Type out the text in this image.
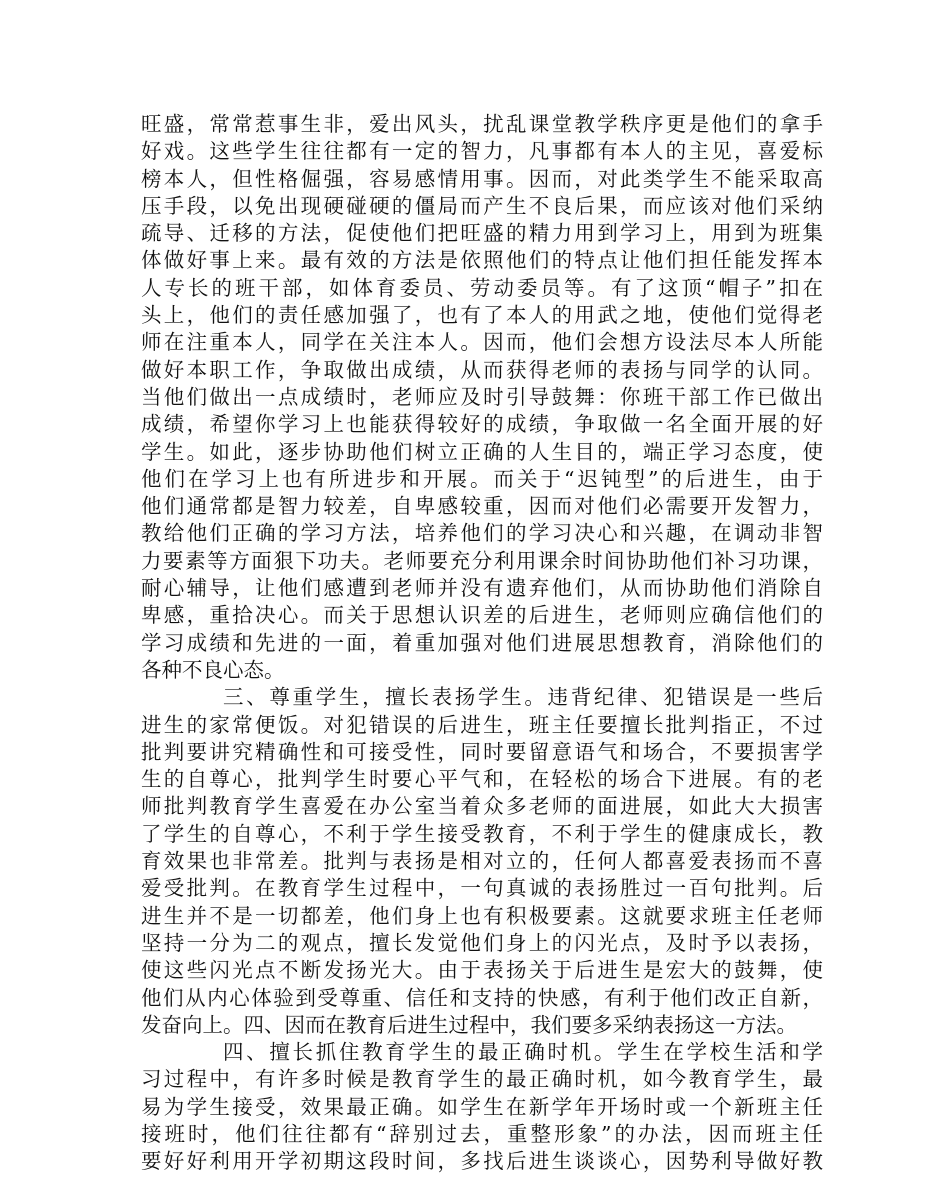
旺盛，常常惹事生非，爱出风头，扰乱课堂教学秩序更是他们的拿手
好戏。这些学生往往都有一定的智力，凡事都有本人的主见，喜爱标
榜本人，但性格倔强，容易感情用事。因而，对此类学生不能采取高
压手段，以免出现硬碰硬的僵局而产生不良后果，而应该对他们采纳
疏导、迁移的方法，促使他们把旺盛的精力用到学习上，用到为班集
体做好事上来。最有效的方法是依照他们的特点让他们担任能发挥本
人专长的班干部，如体育委员、劳动委员等。有了这顶“帽子”扣在
头上，他们的责任感加强了，也有了本人的用武之地，使他们觉得老
师在注重本人，同学在关注本人。因而，他们会想方设法尽本人所能
做好本职工作，争取做出成绩，从而获得老师的表扬与同学的认同。
当他们做出一点成绩时，老师应及时引导鼓舞：你班干部工作已做出
成绩，希望你学习上也能获得较好的成绩，争取做一名全面开展的好
学生。如此，逐步协助他们树立正确的人生目的，端正学习态度，使
他们在学习上也有所进步和开展。而关于“迟钝型”的后进生，由于
他们通常都是智力较差，自卑感较重，因而对他们必需要开发智力，
教给他们正确的学习方法，培养他们的学习决心和兴趣，在调动非智
力要素等方面狠下功夫。老师要充分利用课余时间协助他们补习功课，
耐心辅导，让他们感遭到老师并没有遗弃他们，从而协助他们消除自
卑感，重拾决心。而关于思想认识差的后进生，老师则应确信他们的
学习成绩和先进的一面，着重加强对他们进展思想教育，消除他们的
各种不良心态。
三、尊重学生，擅长表扬学生。违背纪律、犯错误是一些后
进生的家常便饭。对犯错误的后进生，班主任要擅长批判指正，不过
批判要讲究精确性和可接受性，同时要留意语气和场合，不要损害学
生的自尊心，批判学生时要心平气和，在轻松的场合下进展。有的老
师批判教育学生喜爱在办公室当着众多老师的面进展，如此大大损害
了学生的自尊心，不利于学生接受教育，不利于学生的健康成长，教
育效果也非常差。批判与表扬是相对立的，任何人都喜爱表扬而不喜
爱受批判。在教育学生过程中，一句真诚的表扬胜过一百句批判。后
进生并不是一切都差，他们身上也有积极要素。这就要求班主任老师
坚持一分为二的观点，擅长发觉他们身上的闪光点，及时予以表扬，
使这些闪光点不断发扬光大。由于表扬关于后进生是宏大的鼓舞，使
他们从内心体验到受尊重、信任和支持的快感，有利于他们改正自新，
发奋向上。四、因而在教育后进生过程中，我们要多采纳表扬这一方法。
四、擅长抓住教育学生的最正确时机。学生在学校生活和学
习过程中，有许多时候是教育学生的最正确时机，如今教育学生，最
易为学生接受，效果最正确。如学生在新学年开场时或一个新班主任
接班时，他们往往都有“辞别过去，重整形象”的办法，因而班主任
要好好利用开学初期这段时间，多找后进生谈谈心，因势利导做好教
